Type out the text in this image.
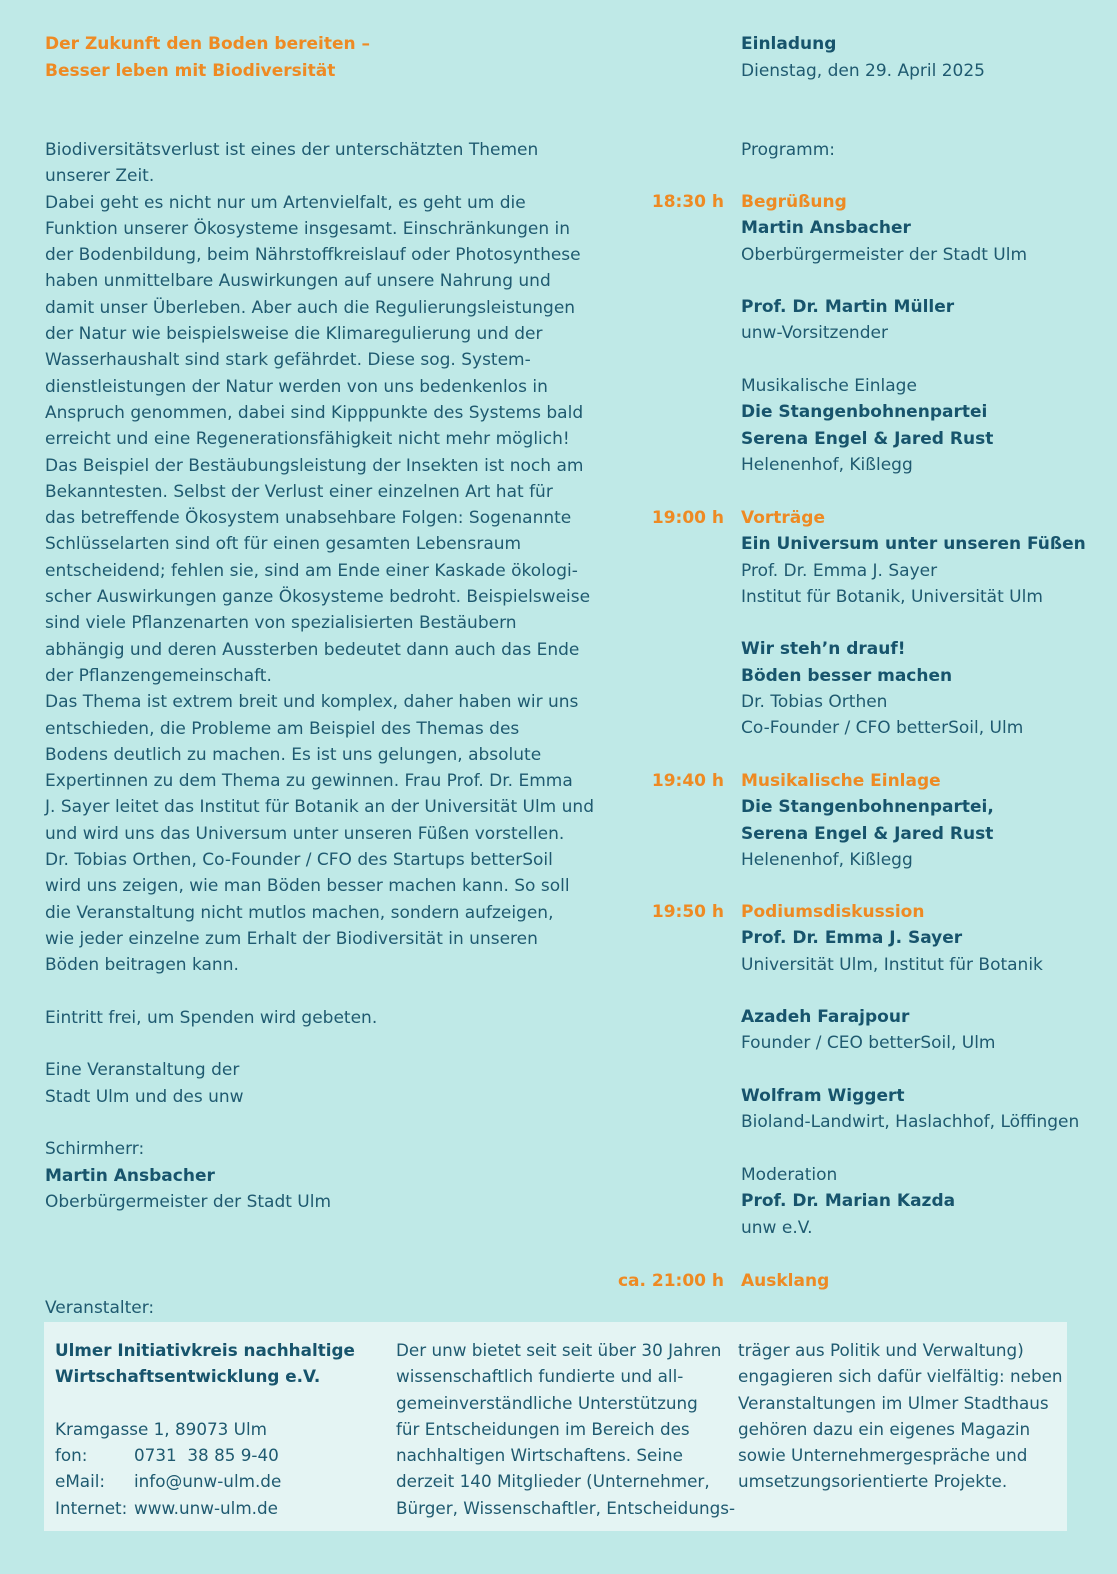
Der Zukunft den Boden bereiten –
Besser leben mit Biodiversität
Einladung
Dienstag, den 29. April 2025
Biodiversitätsverlust ist eines der unterschätzten Themen
unserer Zeit.
Dabei geht es nicht nur um Artenvielfalt, es geht um die
Funktion unserer Ökosysteme insgesamt. Einschränkungen in
der Bodenbildung, beim Nährstoffkreislauf oder Photosynthese
haben unmittelbare Auswirkungen auf unsere Nahrung und
damit unser Überleben. Aber auch die Regulierungsleistungen
der Natur wie beispielsweise die Klimaregulierung und der
Wasserhaushalt sind stark gefährdet. Diese sog. System-
dienstleistungen der Natur werden von uns bedenkenlos in
Anspruch genommen, dabei sind Kipppunkte des Systems bald
erreicht und eine Regenerationsfähigkeit nicht mehr möglich!
Das Beispiel der Bestäubungsleistung der Insekten ist noch am
Bekanntesten. Selbst der Verlust einer einzelnen Art hat für
das betreffende Ökosystem unabsehbare Folgen: Sogenannte
Schlüsselarten sind oft für einen gesamten Lebensraum
entscheidend; fehlen sie, sind am Ende einer Kaskade ökologi-
scher Auswirkungen ganze Ökosysteme bedroht. Beispielsweise
sind viele Pflanzenarten von spezialisierten Bestäubern
abhängig und deren Aussterben bedeutet dann auch das Ende
der Pflanzengemeinschaft.
Das Thema ist extrem breit und komplex, daher haben wir uns
entschieden, die Probleme am Beispiel des Themas des
Bodens deutlich zu machen. Es ist uns gelungen, absolute
Expertinnen zu dem Thema zu gewinnen. Frau Prof. Dr. Emma
J. Sayer leitet das Institut für Botanik an der Universität Ulm und
und wird uns das Universum unter unseren Füßen vorstellen.
Dr. Tobias Orthen, Co-Founder / CFO des Startups betterSoil
wird uns zeigen, wie man Böden besser machen kann. So soll
die Veranstaltung nicht mutlos machen, sondern aufzeigen,
wie jeder einzelne zum Erhalt der Biodiversität in unseren
Böden beitragen kann.
Eintritt frei, um Spenden wird gebeten.
Eine Veranstaltung der
Stadt Ulm und des unw
Schirmherr:
Martin Ansbacher
Oberbürgermeister der Stadt Ulm
Programm:
18:30 h
19:00 h
19:40 h
19:50 h
ca. 21:00 h
Begrüßung
Martin Ansbacher
Oberbürgermeister der Stadt Ulm
Prof. Dr. Martin Müller
unw-Vorsitzender
Musikalische Einlage
Die Stangenbohnenpartei
Serena Engel & Jared Rust
Helenenhof, Kißlegg
Vorträge
Ein Universum unter unseren Füßen
Prof. Dr. Emma J. Sayer
Institut für Botanik, Universität Ulm
Wir steh’n drauf!
Böden besser machen
Dr. Tobias Orthen
Co-Founder / CFO betterSoil, Ulm
Musikalische Einlage
Die Stangenbohnenpartei,
Serena Engel & Jared Rust
Helenenhof, Kißlegg
Podiumsdiskussion
Prof. Dr. Emma J. Sayer
Universität Ulm, Institut für Botanik
Azadeh Farajpour
Founder / CEO betterSoil, Ulm
Wolfram Wiggert
Bioland-Landwirt, Haslachhof, Löffingen
Moderation
Prof. Dr. Marian Kazda
unw e.V.
Ausklang
Veranstalter:
Ulmer Initiativkreis nachhaltige
Wirtschaftsentwicklung e.V.
Kramgasse 1, 89073 Ulm
fon:	0731  38 85 9-40
eMail: info@unw-ulm.de
Internet: www.unw-ulm.de
Der unw bietet seit seit über 30 Jahren
wissenschaftlich fundierte und all-
gemeinverständliche Unterstützung
für Entscheidungen im Bereich des
nachhaltigen Wirtschaftens. Seine
derzeit 140 Mitglieder (Unternehmer,
Bürger, Wissenschaftler, Entscheidungs-
träger aus Politik und Verwaltung)
engagieren sich dafür vielfältig: neben
Veranstaltungen im Ulmer Stadthaus
gehören dazu ein eigenes Magazin
sowie Unternehmergespräche und
umsetzungsorientierte Projekte.
